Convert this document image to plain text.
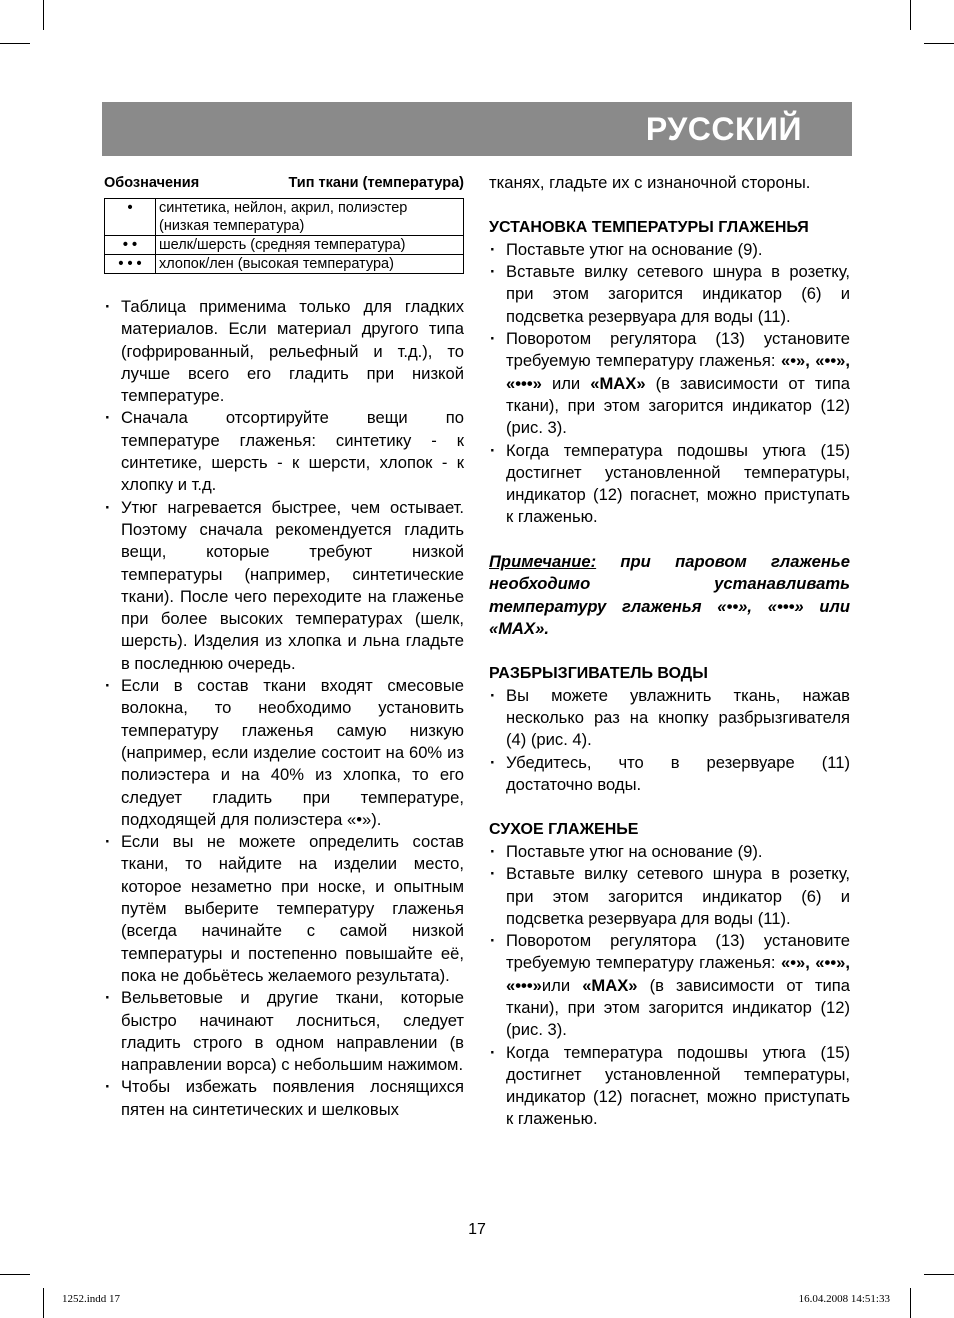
РУССКИЙ
Обозначения	Тип ткани (температура)
•	синтетика, нейлон, акрил, полиэстер (низкая температура)
• •	шелк/шерсть (средняя температура)
• • •	хлопок/лен (высокая температура)
· Таблица применима только для гладких материалов. Если материал другого типа (гофрированный, рельефный и т.д.), то лучше всего его гладить при низкой температуре.
· Сначала отсортируйте вещи по температуре глаженья: синтетику - к синтетике, шерсть - к шерсти, хлопок - к хлопку и т.д.
· Утюг нагревается быстрее, чем остывает. Поэтому сначала рекомендуется гладить вещи, которые требуют низкой температуры (например, синтетические ткани). После чего переходите на глаженье при более высоких температурах (шелк, шерсть). Изделия из хлопка и льна гладьте в последнюю очередь.
· Если в состав ткани входят смесовые волокна, то необходимо установить температуру глаженья самую низкую (например, если изделие состоит на 60% из полиэстера и на 40% из хлопка, то его следует гладить при температуре, подходящей для полиэстера «•»).
· Если вы не можете определить состав ткани, то найдите на изделии место, которое незаметно при носке, и опытным путём выберите температуру глаженья (всегда начинайте с самой низкой температуры и постепенно повышайте её, пока не добьётесь желаемого результата).
· Вельветовые и другие ткани, которые быстро начинают лосниться, следует гладить строго в одном направлении (в направлении ворса) с небольшим нажимом.
· Чтобы избежать появления лоснящихся пятен на синтетических и шелковых
тканях, гладьте их с изнаночной стороны.
УСТАНОВКА ТЕМПЕРАТУРЫ ГЛАЖЕНЬЯ
· Поставьте утюг на основание (9).
· Вставьте вилку сетевого шнура в розетку, при этом загорится индикатор (6) и подсветка резервуара для воды (11).
· Поворотом регулятора (13) установите требуемую температуру глаженья: «•», «••», «•••» или «MAX» (в зависимости от типа ткани), при этом загорится индикатор (12) (рис. 3).
· Когда температура подошвы утюга (15) достигнет установленной температуры, индикатор (12) погаснет, можно приступать к глаженью.
Примечание: при паровом глаженье необходимо устанавливать температуру глаженья «••», «•••» или «MAX».
РАЗБРЫЗГИВАТЕЛЬ ВОДЫ
· Вы можете увлажнить ткань, нажав несколько раз на кнопку разбрызгивателя (4) (рис. 4).
· Убедитесь, что в резервуаре (11) достаточно воды.
СУХОЕ ГЛАЖЕНЬЕ
· Поставьте утюг на основание (9).
· Вставьте вилку сетевого шнура в розетку, при этом загорится индикатор (6) и подсветка резервуара для воды (11).
· Поворотом регулятора (13) установите требуемую температуру глаженья: «•», «••», «•••»или «MAX» (в зависимости от типа ткани), при этом загорится индикатор (12) (рис. 3).
· Когда температура подошвы утюга (15) достигнет установленной температуры, индикатор (12) погаснет, можно приступать к глаженью.
17
1252.indd 17	16.04.2008 14:51:33
